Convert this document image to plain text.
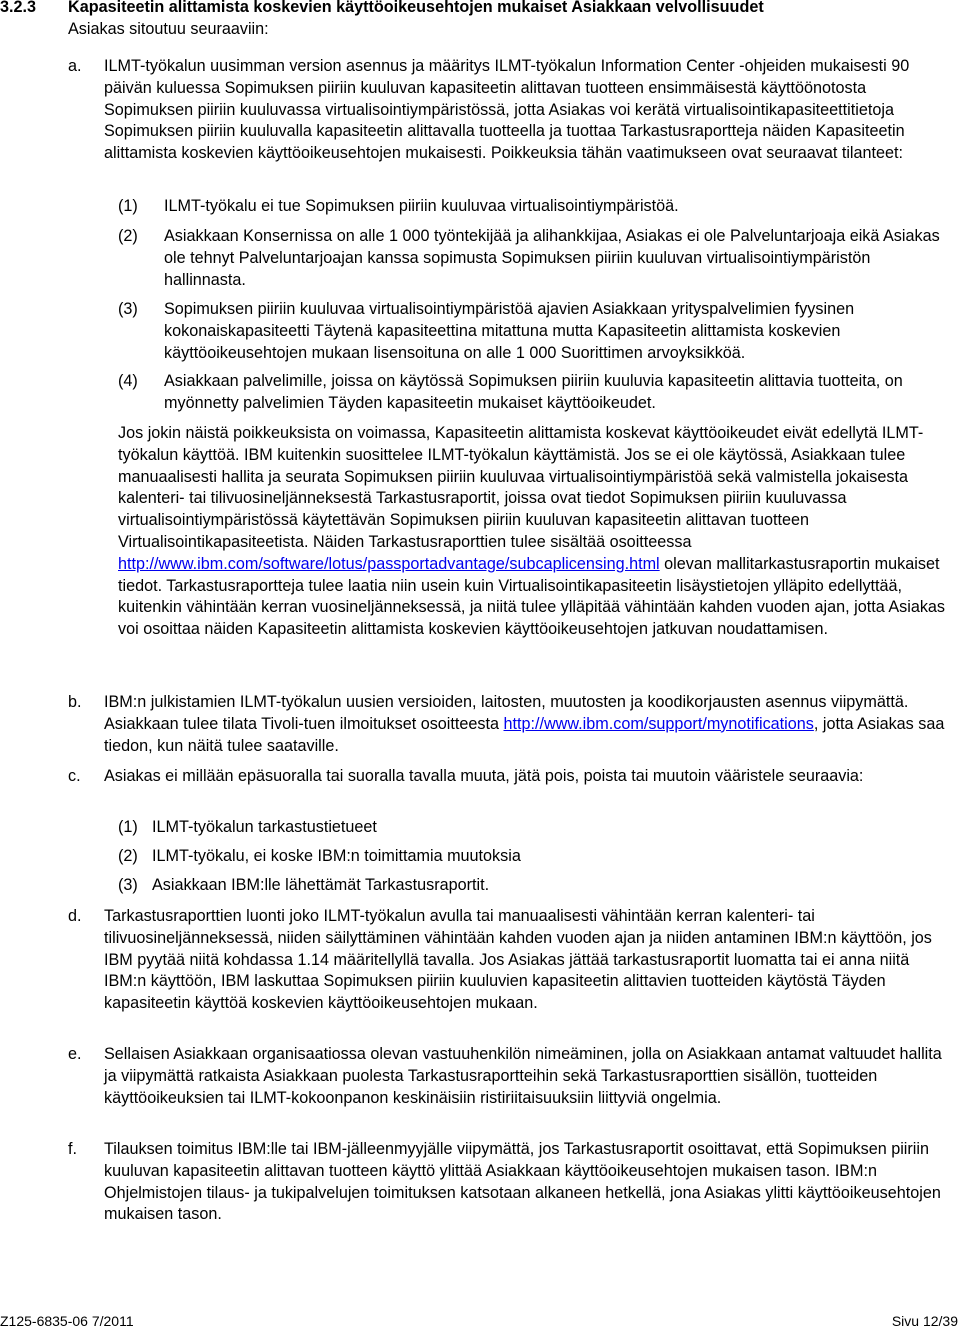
3.2.3 Kapasiteetin alittamista koskevien käyttöoikeusehtojen mukaiset Asiakkaan velvollisuudet
Asiakas sitoutuu seuraaviin:
a. ILMT-työkalun uusimman version asennus ja määritys ILMT-työkalun Information Center -ohjeiden mukaisesti 90 päivän kuluessa Sopimuksen piiriin kuuluvan kapasiteetin alittavan tuotteen ensimmäisestä käyttöönotosta Sopimuksen piiriin kuuluvassa virtualisointiympäristössä, jotta Asiakas voi kerätä virtualisointikapasiteettitietoja Sopimuksen piiriin kuuluvalla kapasiteetin alittavalla tuotteella ja tuottaa Tarkastusraportteja näiden Kapasiteetin alittamista koskevien käyttöoikeusehtojen mukaisesti. Poikkeuksia tähän vaatimukseen ovat seuraavat tilanteet:
(1) ILMT-työkalu ei tue Sopimuksen piiriin kuuluvaa virtualisointiympäristöä.
(2) Asiakkaan Konsernissa on alle 1 000 työntekijää ja alihankkijaa, Asiakas ei ole Palveluntarjoaja eikä Asiakas ole tehnyt Palveluntarjoajan kanssa sopimusta Sopimuksen piiriin kuuluvan virtualisointiympäristön hallinnasta.
(3) Sopimuksen piiriin kuuluvaa virtualisointiympäristöä ajavien Asiakkaan yrityspalvelimien fyysinen kokonaiskapasiteetti Täytenä kapasiteettina mitattuna mutta Kapasiteetin alittamista koskevien käyttöoikeusehtojen mukaan lisensoituna on alle 1 000 Suorittimen arvoyksikköä.
(4) Asiakkaan palvelimille, joissa on käytössä Sopimuksen piiriin kuuluvia kapasiteetin alittavia tuotteita, on myönnetty palvelimien Täyden kapasiteetin mukaiset käyttöoikeudet.
Jos jokin näistä poikkeuksista on voimassa, Kapasiteetin alittamista koskevat käyttöoikeudet eivät edellytä ILMT-työkalun käyttöä. IBM kuitenkin suosittelee ILMT-työkalun käyttämistä. Jos se ei ole käytössä, Asiakkaan tulee manuaalisesti hallita ja seurata Sopimuksen piiriin kuuluvaa virtualisointiympäristöä sekä valmistella jokaisesta kalenteri- tai tilivuosineljänneksestä Tarkastusraportit, joissa ovat tiedot Sopimuksen piiriin kuuluvassa virtualisointiympäristössä käytettävän Sopimuksen piiriin kuuluvan kapasiteetin alittavan tuotteen Virtualisointikapasiteetista. Näiden Tarkastusraporttien tulee sisältää osoitteessa http://www.ibm.com/software/lotus/passportadvantage/subcaplicensing.html olevan mallitarkastusraportin mukaiset tiedot. Tarkastusraportteja tulee laatia niin usein kuin Virtualisointikapasiteetin lisäystietojen ylläpito edellyttää, kuitenkin vähintään kerran vuosineljänneksessä, ja niitä tulee ylläpitää vähintään kahden vuoden ajan, jotta Asiakas voi osoittaa näiden Kapasiteetin alittamista koskevien käyttöoikeusehtojen jatkuvan noudattamisen.
b. IBM:n julkistamien ILMT-työkalun uusien versioiden, laitosten, muutosten ja koodikorjausten asennus viipymättä. Asiakkaan tulee tilata Tivoli-tuen ilmoitukset osoitteesta http://www.ibm.com/support/mynotifications, jotta Asiakas saa tiedon, kun näitä tulee saataville.
c. Asiakas ei millään epäsuoralla tai suoralla tavalla muuta, jätä pois, poista tai muutoin vääristele seuraavia:
(1) ILMT-työkalun tarkastustietueet
(2) ILMT-työkalu, ei koske IBM:n toimittamia muutoksia
(3) Asiakkaan IBM:lle lähettämät Tarkastusraportit.
d. Tarkastusraporttien luonti joko ILMT-työkalun avulla tai manuaalisesti vähintään kerran kalenteri- tai tilivuosineljänneksessä, niiden säilyttäminen vähintään kahden vuoden ajan ja niiden antaminen IBM:n käyttöön, jos IBM pyytää niitä kohdassa 1.14 määritellyllä tavalla. Jos Asiakas jättää tarkastusraportit luomatta tai ei anna niitä IBM:n käyttöön, IBM laskuttaa Sopimuksen piiriin kuuluvien kapasiteetin alittavien tuotteiden käytöstä Täyden kapasiteetin käyttöä koskevien käyttöoikeusehtojen mukaan.
e. Sellaisen Asiakkaan organisaatiossa olevan vastuuhenkilön nimeäminen, jolla on Asiakkaan antamat valtuudet hallita ja viipymättä ratkaista Asiakkaan puolesta Tarkastusraportteihin sekä Tarkastusraporttien sisällön, tuotteiden käyttöoikeuksien tai ILMT-kokoonpanon keskinäisiin ristiriitaisuuksiin liittyviä ongelmia.
f. Tilauksen toimitus IBM:lle tai IBM-jälleenmyyjälle viipymättä, jos Tarkastusraportit osoittavat, että Sopimuksen piiriin kuuluvan kapasiteetin alittavan tuotteen käyttö ylittää Asiakkaan käyttöoikeusehtojen mukaisen tason. IBM:n Ohjelmistojen tilaus- ja tukipalvelujen toimituksen katsotaan alkaneen hetkellä, jona Asiakas ylitti käyttöoikeusehtojen mukaisen tason.
Z125-6835-06 7/2011	Sivu 12/39
